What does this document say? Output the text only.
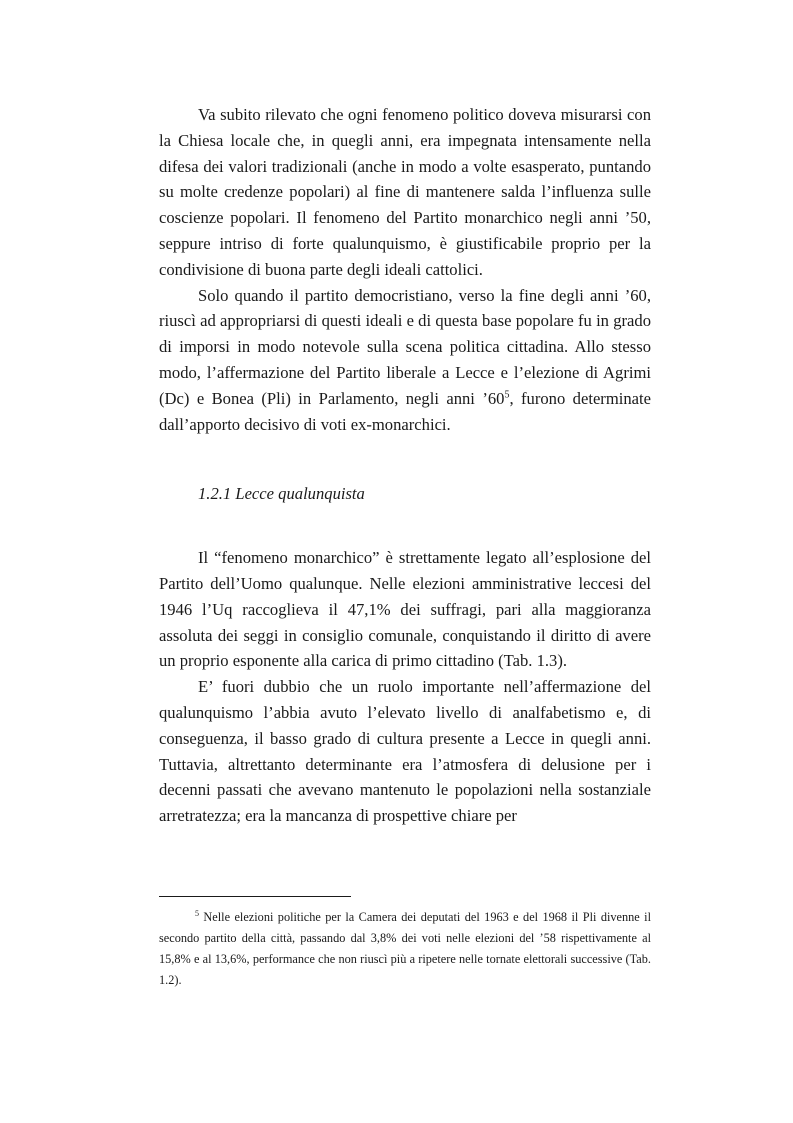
Va subito rilevato che ogni fenomeno politico doveva misurarsi con la Chiesa locale che, in quegli anni, era impegnata intensamente nella difesa dei valori tradizionali (anche in modo a volte esasperato, puntando su molte credenze popolari) al fine di mantenere salda l’influenza sulle coscienze popolari. Il fenomeno del Partito monarchico negli anni ’50, seppure intriso di forte qualunquismo, è giustificabile proprio per la condivisione di buona parte degli ideali cattolici.

Solo quando il partito democristiano, verso la fine degli anni ’60, riuscì ad appropriarsi di questi ideali e di questa base popolare fu in grado di imporsi in modo notevole sulla scena politica cittadina. Allo stesso modo, l’affermazione del Partito liberale a Lecce e l’elezione di Agrimi (Dc) e Bonea (Pli) in Parlamento, negli anni $’60^5$, furono determinate dall’apporto decisivo di voti ex-monarchici.

1.2.1 Lecce qualunquista

Il “fenomeno monarchico” è strettamente legato all’esplosione del Partito dell’Uomo qualunque. Nelle elezioni amministrative leccesi del 1946 l’Uq raccoglieva il 47,1% dei suffragi, pari alla maggioranza assoluta dei seggi in consiglio comunale, conquistando il diritto di avere un proprio esponente alla carica di primo cittadino (Tab. 1.3).

E’ fuori dubbio che un ruolo importante nell’affermazione del qualunquismo l’abbia avuto l’elevato livello di analfabetismo e, di conseguenza, il basso grado di cultura presente a Lecce in quegli anni. Tuttavia, altrettanto determinante era l’atmosfera di delusione per i decenni passati che avevano mantenuto le popolazioni nella sostanziale arretratezza; era la mancanza di prospettive chiare per

$^5$ Nelle elezioni politiche per la Camera dei deputati del 1963 e del 1968 il Pli divenne il secondo partito della città, passando dal 3,8% dei voti nelle elezioni del ’58 rispettivamente al 15,8% e al 13,6%, performance che non riuscì più a ripetere nelle tornate elettorali successive (Tab. 1.2).
